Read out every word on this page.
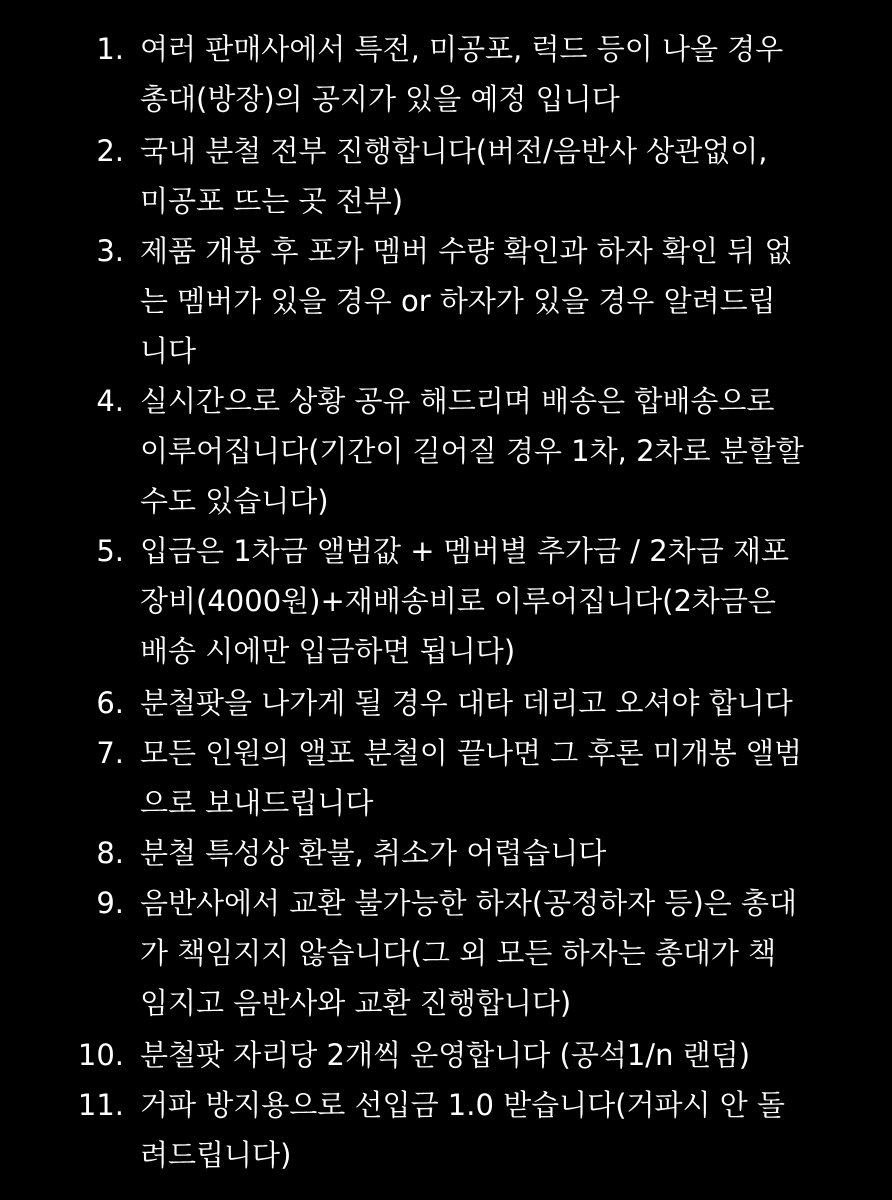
1. 여러 판매사에서 특전, 미공포, 럭드 등이 나올 경우
총대(방장)의 공지가 있을 예정 입니다
2. 국내 분철 전부 진행합니다(버전/음반사 상관없이,
미공포 뜨는 곳 전부)
3. 제품 개봉 후 포카 멤버 수량 확인과 하자 확인 뒤 없
는 멤버가 있을 경우 or 하자가 있을 경우 알려드립
니다
4. 실시간으로 상황 공유 해드리며 배송은 합배송으로
이루어집니다(기간이 길어질 경우 1차, 2차로 분할할
수도 있습니다)
5. 입금은 1차금 앨범값 + 멤버별 추가금 / 2차금 재포
장비(4000원)+재배송비로 이루어집니다(2차금은
배송 시에만 입금하면 됩니다)
6. 분철팟을 나가게 될 경우 대타 데리고 오셔야 합니다
7. 모든 인원의 앨포 분철이 끝나면 그 후론 미개봉 앨범
으로 보내드립니다
8. 분철 특성상 환불, 취소가 어렵습니다
9. 음반사에서 교환 불가능한 하자(공정하자 등)은 총대
가 책임지지 않습니다(그 외 모든 하자는 총대가 책
임지고 음반사와 교환 진행합니다)
10. 분철팟 자리당 2개씩 운영합니다 (공석1/n 랜덤)
11. 거파 방지용으로 선입금 1.0 받습니다(거파시 안 돌
려드립니다)
